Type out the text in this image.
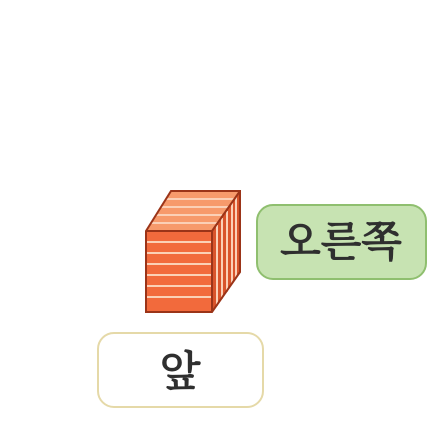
오른쪽
앞
